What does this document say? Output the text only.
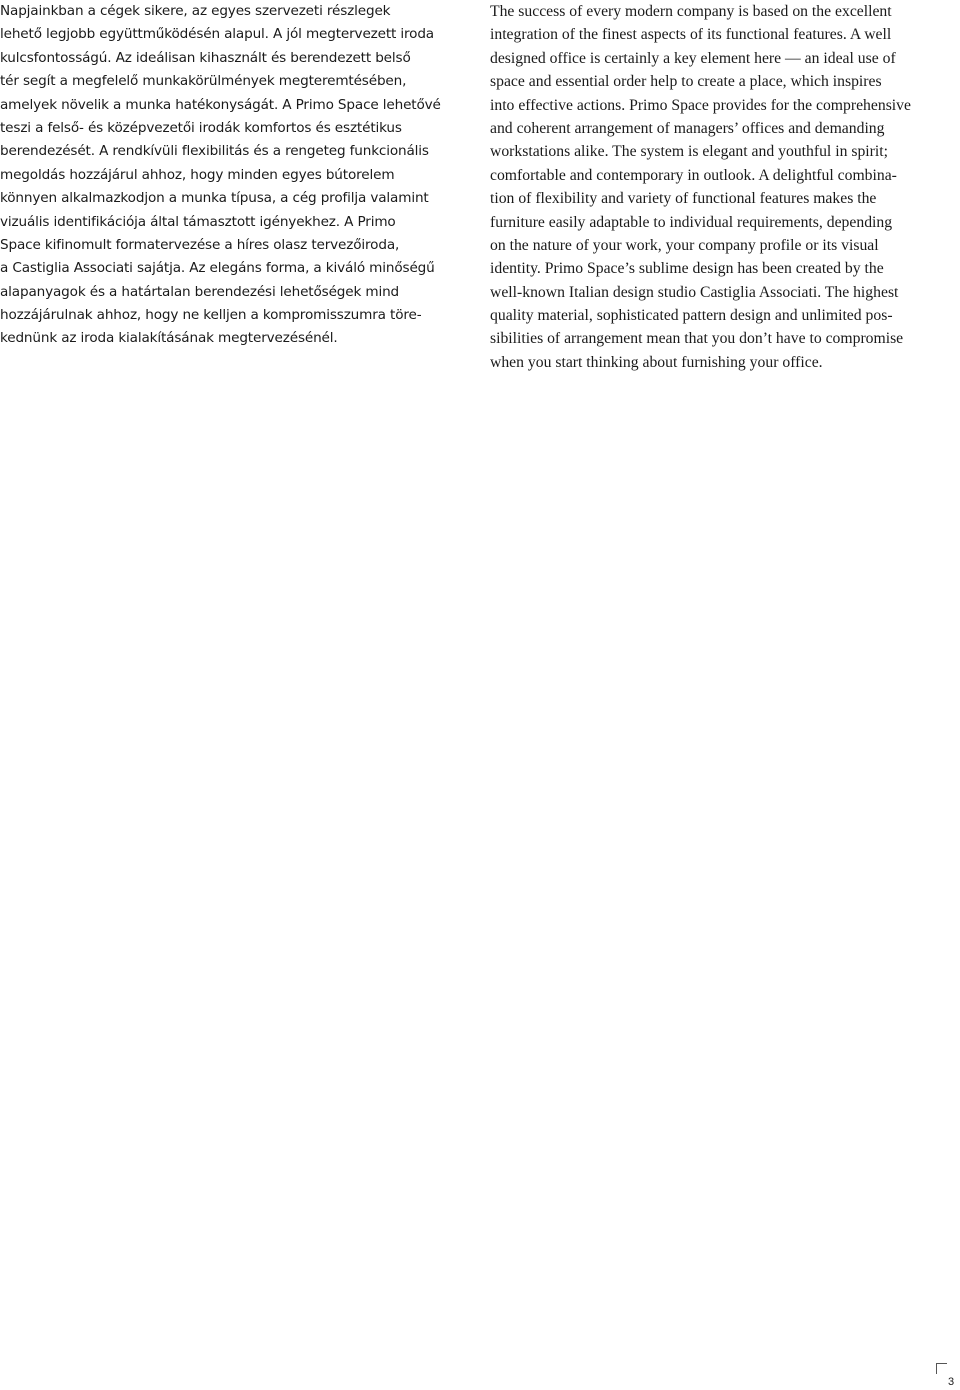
Napjainkban a cégek sikere, az egyes szervezeti részlegek
lehető legjobb együttműködésén alapul. A jól megtervezett iroda
kulcsfontosságú. Az ideálisan kihasznált és berendezett belső
tér segít a megfelelő munkakörülmények megteremtésében,
amelyek növelik a munka hatékonyságát. A Primo Space lehetővé
teszi a felső- és középvezetői irodák komfortos és esztétikus
berendezését. A rendkívüli flexibilitás és a rengeteg funkcionális
megoldás hozzájárul ahhoz, hogy minden egyes bútorelem
könnyen alkalmazkodjon a munka típusa, a cég profilja valamint
vizuális identifikációja által támasztott igényekhez. A Primo
Space kifinomult formatervezése a híres olasz tervezőiroda,
a Castiglia Associati sajátja. Az elegáns forma, a kiváló minőségű
alapanyagok és a határtalan berendezési lehetőségek mind
hozzájárulnak ahhoz, hogy ne kelljen a kompromisszumra töre-
kednünk az iroda kialakításának megtervezésénél.
The success of every modern company is based on the excellent
integration of the finest aspects of its functional features. A well
designed office is certainly a key element here — an ideal use of
space and essential order help to create a place, which inspires
into effective actions. Primo Space provides for the comprehensive
and coherent arrangement of managers’ offices and demanding
workstations alike. The system is elegant and youthful in spirit;
comfortable and contemporary in outlook. A delightful combina-
tion of flexibility and variety of functional features makes the
furniture easily adaptable to individual requirements, depending
on the nature of your work, your company profile or its visual
identity. Primo Space’s sublime design has been created by the
well-known Italian design studio Castiglia Associati. The highest
quality material, sophisticated pattern design and unlimited pos-
sibilities of arrangement mean that you don’t have to compromise
when you start thinking about furnishing your office.
3
